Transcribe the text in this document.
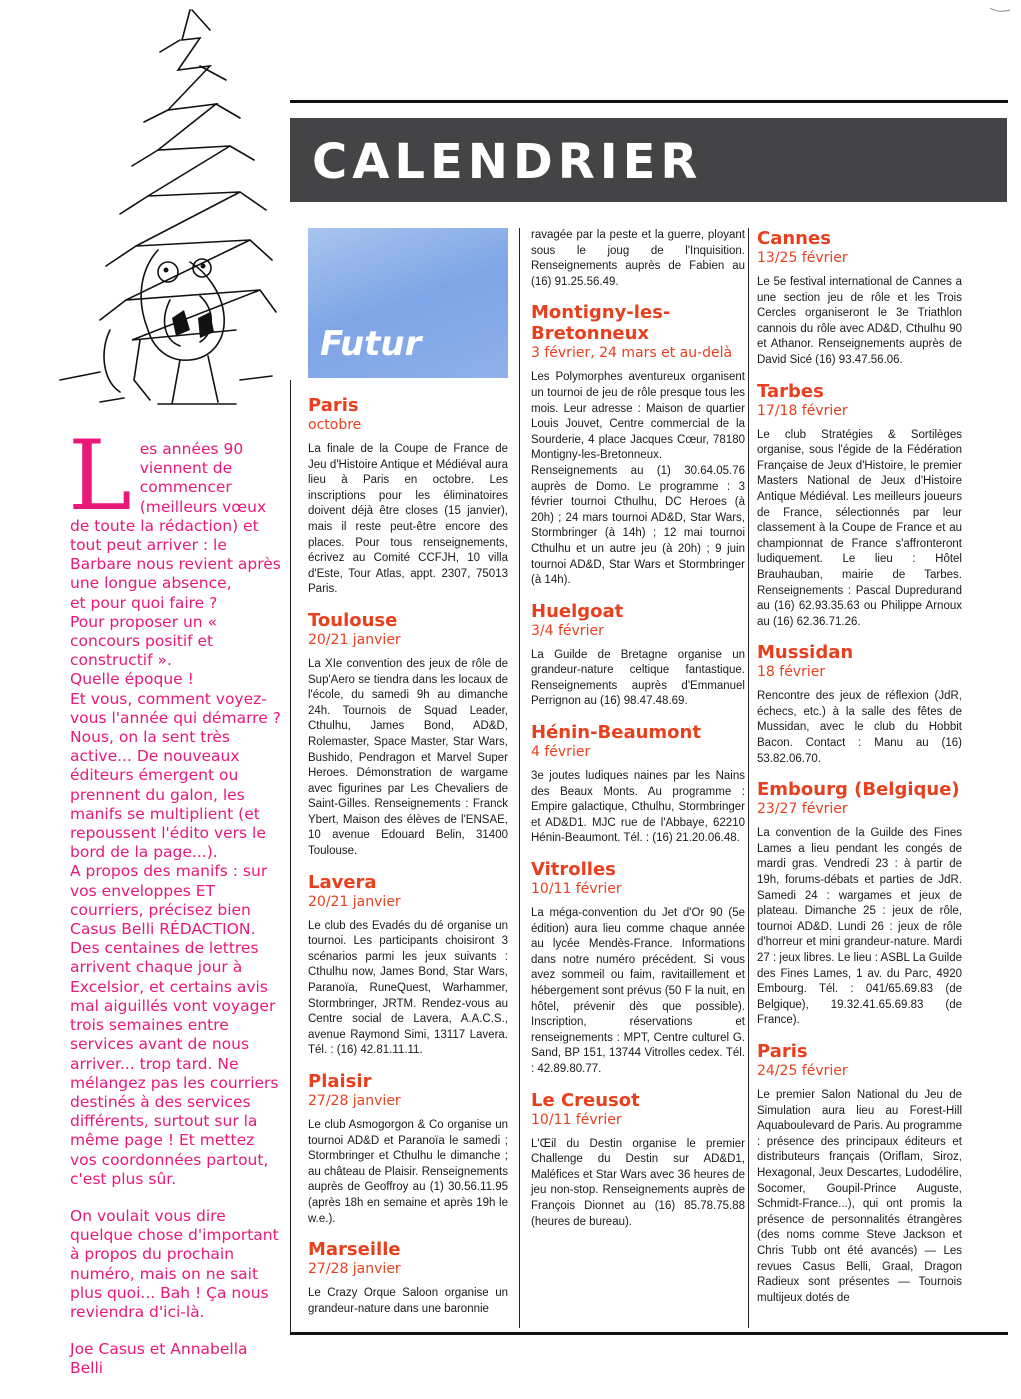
L es années 90 viennent de commencer (meilleurs vœux de toute la rédaction) et tout peut arriver : le Barbare nous revient après une longue absence,

et pour quoi faire ?

Pour proposer un « concours positif et constructif ».

Quelle époque !

Et vous, comment voyez-vous l'année qui démarre ? Nous, on la sent très active... De nouveaux éditeurs émergent ou prennent du galon, les manifs se multiplient (et repoussent l'édito vers le bord de la page...).

A propos des manifs : sur vos enveloppes ET courriers, précisez bien Casus Belli RÉDACTION. Des centaines de lettres arrivent chaque jour à Excelsior, et certains avis mal aiguillés vont voyager trois semaines entre services avant de nous arriver... trop tard. Ne mélangez pas les courriers destinés à des services différents, surtout sur la même page ! Et mettez vos coordonnées partout, c'est plus sûr.

On voulait vous dire quelque chose d'important à propos du prochain numéro, mais on ne sait plus quoi... Bah ! Ça nous reviendra d'ici-là.

Joe Casus et Annabella Belli

CALENDRIER

Futur

Paris

octobre

La finale de la Coupe de France de Jeu d'Histoire Antique et Médiéval aura lieu à Paris en octobre. Les inscriptions pour les éliminatoires doivent déjà être closes (15 janvier), mais il reste peut-être encore des places. Pour tous renseignements, écrivez au Comité CCFJH, 10 villa d'Este, Tour Atlas, appt. 2307, 75013 Paris.

Toulouse

20/21 janvier

La XIe convention des jeux de rôle de Sup'Aero se tiendra dans les locaux de l'école, du samedi 9h au dimanche 24h. Tournois de Squad Leader, Cthulhu, James Bond, AD&D, Rolemaster, Space Master, Star Wars, Bushido, Pendragon et Marvel Super Heroes. Démonstration de wargame avec figurines par Les Chevaliers de Saint-Gilles. Renseignements : Franck Ybert, Maison des élèves de l'ENSAE, 10 avenue Edouard Belin, 31400 Toulouse.

Lavera

20/21 janvier

Le club des Evadés du dé organise un tournoi. Les participants choisiront 3 scénarios parmi les jeux suivants : Cthulhu now, James Bond, Star Wars, Paranoïa, RuneQuest, Warhammer, Stormbringer, JRTM. Rendez-vous au Centre social de Lavera, A.A.C.S., avenue Raymond Simi, 13117 Lavera. Tél. : (16) 42.81.11.11.

Plaisir

27/28 janvier

Le club Asmogorgon & Co organise un tournoi AD&D et Paranoïa le samedi ; Stormbringer et Cthulhu le dimanche ; au château de Plaisir. Renseignements auprès de Geoffroy au (1) 30.56.11.95 (après 18h en semaine et après 19h le w.e.).

Marseille

27/28 janvier

Le Crazy Orque Saloon organise un grandeur-nature dans une baronnie

ravagée par la peste et la guerre, ployant sous le joug de l'Inquisition. Renseignements auprès de Fabien au (16) 91.25.56.49.

Montigny-les-Bretonneux

3 février, 24 mars et au-delà

Les Polymorphes aventureux organisent un tournoi de jeu de rôle presque tous les mois. Leur adresse : Maison de quartier Louis Jouvet, Centre commercial de la Sourderie, 4 place Jacques Cœur, 78180 Montigny-les-Bretonneux. Renseignements au (1) 30.64.05.76 auprès de Domo. Le programme : 3 février tournoi Cthulhu, DC Heroes (à 20h) ; 24 mars tournoi AD&D, Star Wars, Stormbringer (à 14h) ; 12 mai tournoi Cthulhu et un autre jeu (à 20h) ; 9 juin tournoi AD&D, Star Wars et Stormbringer (à 14h).

Huelgoat

3/4 février

La Guilde de Bretagne organise un grandeur-nature celtique fantastique. Renseignements auprès d'Emmanuel Perrignon au (16) 98.47.48.69.

Hénin-Beaumont

4 février

3e joutes ludiques naines par les Nains des Beaux Monts. Au programme : Empire galactique, Cthulhu, Stormbringer et AD&D1. MJC rue de l'Abbaye, 62210 Hénin-Beaumont. Tél. : (16) 21.20.06.48.

Vitrolles

10/11 février

La méga-convention du Jet d'Or 90 (5e édition) aura lieu comme chaque année au lycée Mendès-France. Informations dans notre numéro précédent. Si vous avez sommeil ou faim, ravitaillement et hébergement sont prévus (50 F la nuit, en hôtel, prévenir dès que possible). Inscription, réservations et renseignements : MPT, Centre culturel G. Sand, BP 151, 13744 Vitrolles cedex. Tél. : 42.89.80.77.

Le Creusot

10/11 février

L'Œil du Destin organise le premier Challenge du Destin sur AD&D1, Maléfices et Star Wars avec 36 heures de jeu non-stop. Renseignements auprès de François Dionnet au (16) 85.78.75.88 (heures de bureau).

Cannes

13/25 février

Le 5e festival international de Cannes a une section jeu de rôle et les Trois Cercles organiseront le 3e Triathlon cannois du rôle avec AD&D, Cthulhu 90 et Athanor. Renseignements auprès de David Sicé (16) 93.47.56.06.

Tarbes

17/18 février

Le club Stratégies & Sortilèges organise, sous l'égide de la Fédération Française de Jeux d'Histoire, le premier Masters National de Jeux d'Histoire Antique Médiéval. Les meilleurs joueurs de France, sélectionnés par leur classement à la Coupe de France et au championnat de France s'affronteront ludiquement. Le lieu : Hôtel Brauhauban, mairie de Tarbes. Renseignements : Pascal Dupredurand au (16) 62.93.35.63 ou Philippe Arnoux au (16) 62.36.71.26.

Mussidan

18 février

Rencontre des jeux de réflexion (JdR, échecs, etc.) à la salle des fêtes de Mussidan, avec le club du Hobbit Bacon. Contact : Manu au (16) 53.82.06.70.

Embourg (Belgique)

23/27 février

La convention de la Guilde des Fines Lames a lieu pendant les congés de mardi gras. Vendredi 23 : à partir de 19h, forums-débats et parties de JdR. Samedi 24 : wargames et jeux de plateau. Dimanche 25 : jeux de rôle, tournoi AD&D. Lundi 26 : jeux de rôle d'horreur et mini grandeur-nature. Mardi 27 : jeux libres. Le lieu : ASBL La Guilde des Fines Lames, 1 av. du Parc, 4920 Embourg. Tél. : 041/65.69.83 (de Belgique), 19.32.41.65.69.83 (de France).

Paris

24/25 février

Le premier Salon National du Jeu de Simulation aura lieu au Forest-Hill Aquaboulevard de Paris. Au programme : présence des principaux éditeurs et distributeurs français (Oriflam, Siroz, Hexagonal, Jeux Descartes, Ludodélire, Socomer, Goupil-Prince Auguste, Schmidt-France...), qui ont promis la présence de personnalités étrangères (des noms comme Steve Jackson et Chris Tubb ont été avancés) — Les revues Casus Belli, Graal, Dragon Radieux sont présentes — Tournois multijeux dotés de
